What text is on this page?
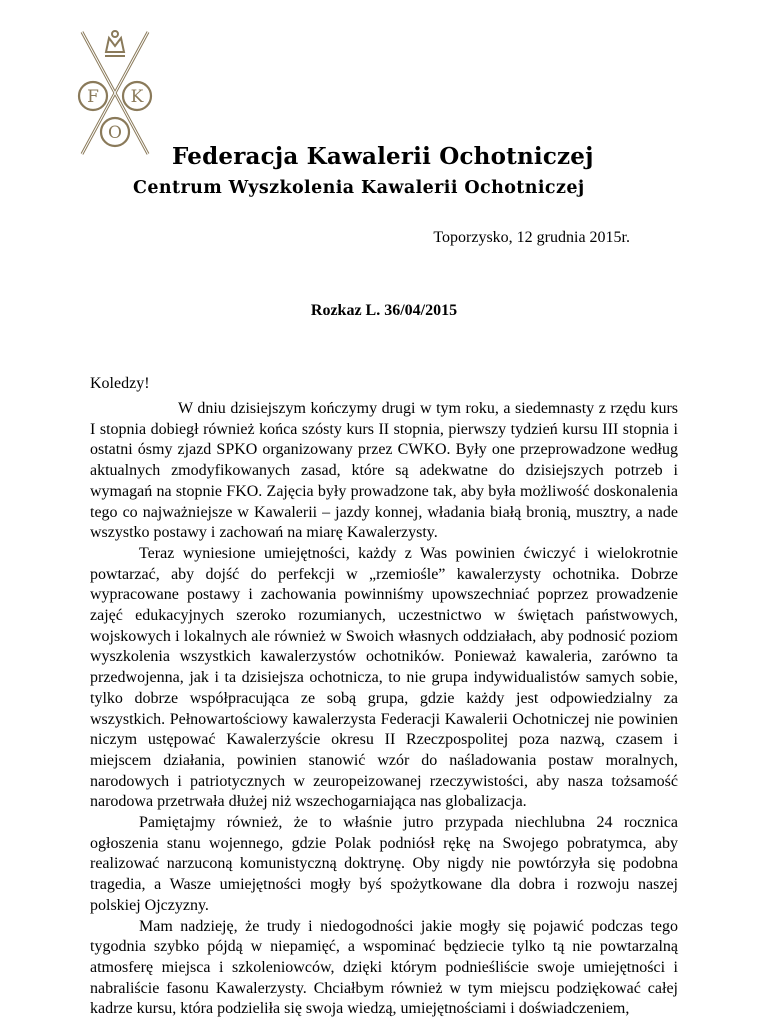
F K
O
Federacja Kawalerii Ochotniczej
Centrum Wyszkolenia Kawalerii Ochotniczej
Toporzysko, 12 grudnia 2015r.
Rozkaz L. 36/04/2015
Koledzy!

W dniu dzisiejszym kończymy drugi w tym roku, a siedemnasty z rzędu kurs I stopnia dobiegł również końca szósty kurs II stopnia, pierwszy tydzień kursu III stopnia i ostatni ósmy zjazd SPKO organizowany przez CWKO. Były one przeprowadzone według aktualnych zmodyfikowanych zasad, które są adekwatne do dzisiejszych potrzeb i wymagań na stopnie FKO. Zajęcia były prowadzone tak, aby była możliwość doskonalenia tego co najważniejsze w Kawalerii – jazdy konnej, władania białą bronią, musztry, a nade wszystko postawy i zachowań na miarę Kawalerzysty.

Teraz wyniesione umiejętności, każdy z Was powinien ćwiczyć i wielokrotnie powtarzać, aby dojść do perfekcji w „rzemiośle” kawalerzysty ochotnika. Dobrze wypracowane postawy i zachowania powinniśmy upowszechniać poprzez prowadzenie zajęć edukacyjnych szeroko rozumianych, uczestnictwo w świętach państwowych, wojskowych i lokalnych ale również w Swoich własnych oddziałach, aby podnosić poziom wyszkolenia wszystkich kawalerzystów ochotników. Ponieważ kawaleria, zarówno ta przedwojenna, jak i ta dzisiejsza ochotnicza, to nie grupa indywidualistów samych sobie, tylko dobrze współpracująca ze sobą grupa, gdzie każdy jest odpowiedzialny za wszystkich. Pełnowartościowy kawalerzysta Federacji Kawalerii Ochotniczej nie powinien niczym ustępować Kawalerzyście okresu II Rzeczpospolitej poza nazwą, czasem i miejscem działania, powinien stanowić wzór do naśladowania postaw moralnych, narodowych i patriotycznych w zeuropeizowanej rzeczywistości, aby nasza tożsamość narodowa przetrwała dłużej niż wszechogarniająca nas globalizacja.

Pamiętajmy również, że to właśnie jutro przypada niechlubna 24 rocznica ogłoszenia stanu wojennego, gdzie Polak podniósł rękę na Swojego pobratymca, aby realizować narzuconą komunistyczną doktrynę. Oby nigdy nie powtórzyła się podobna tragedia, a Wasze umiejętności mogły byś spożytkowane dla dobra i rozwoju naszej polskiej Ojczyzny.

Mam nadzieję, że trudy i niedogodności jakie mogły się pojawić podczas tego tygodnia szybko pójdą w niepamięć, a wspominać będziecie tylko tą nie powtarzalną atmosferę miejsca i szkoleniowców, dzięki którym podnieśliście swoje umiejętności i nabraliście fasonu Kawalerzysty. Chciałbym również w tym miejscu podziękować całej kadrze kursu, która podzieliła się swoja wiedzą, umiejętnościami i doświadczeniem,
